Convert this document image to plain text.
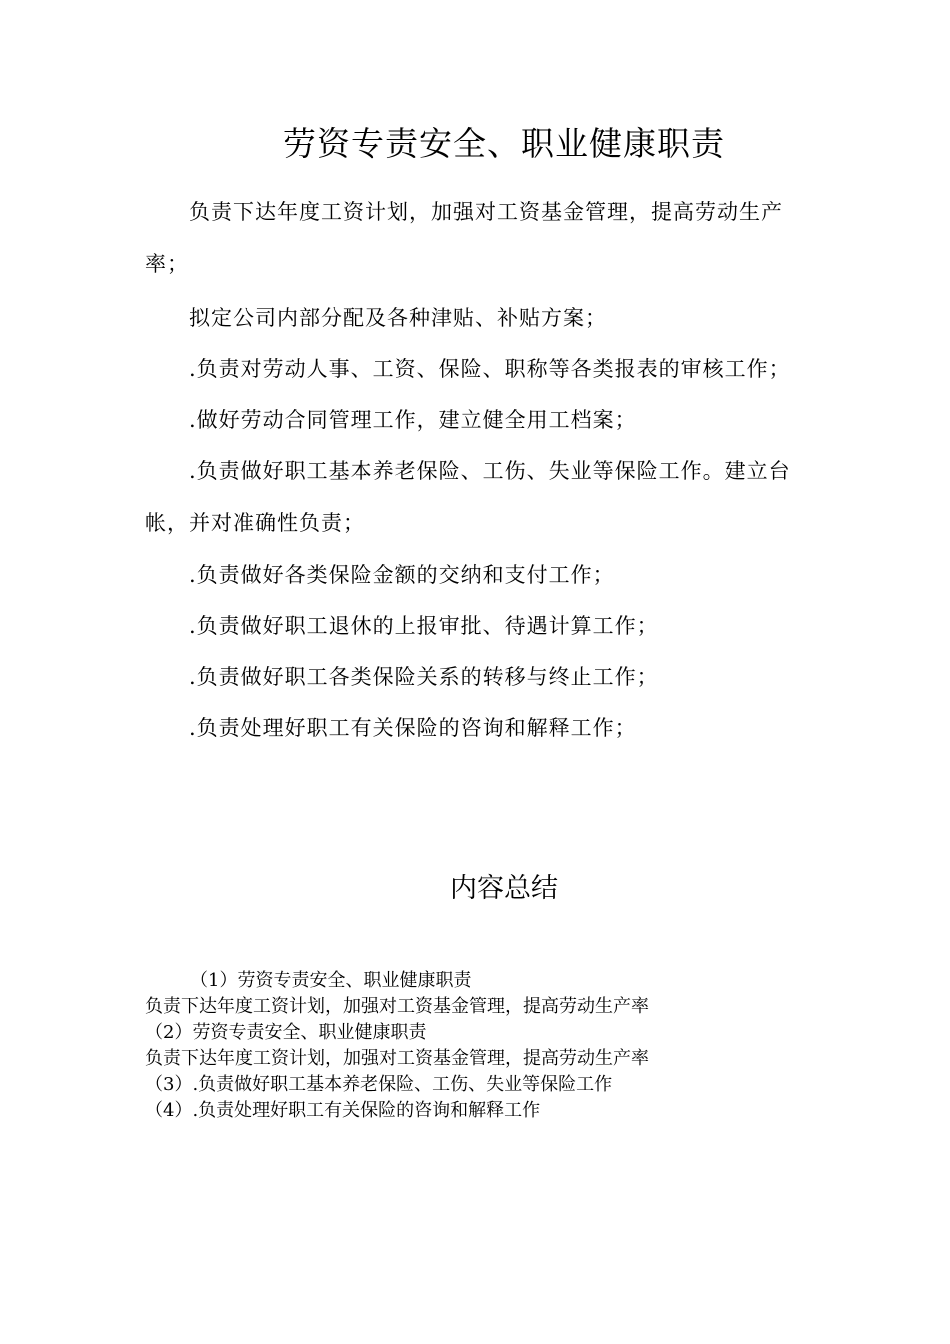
劳资专责安全、职业健康职责

负责下达年度工资计划，加强对工资基金管理，提高劳动生产率；

拟定公司内部分配及各种津贴、补贴方案；

.负责对劳动人事、工资、保险、职称等各类报表的审核工作；

.做好劳动合同管理工作，建立健全用工档案；

.负责做好职工基本养老保险、工伤、失业等保险工作。建立台帐，并对准确性负责；

.负责做好各类保险金额的交纳和支付工作；

.负责做好职工退休的上报审批、待遇计算工作；

.负责做好职工各类保险关系的转移与终止工作；

.负责处理好职工有关保险的咨询和解释工作；

内容总结
（1）劳资专责安全、职业健康职责
负责下达年度工资计划，加强对工资基金管理，提高劳动生产率
（2）劳资专责安全、职业健康职责
负责下达年度工资计划，加强对工资基金管理，提高劳动生产率
（3）.负责做好职工基本养老保险、工伤、失业等保险工作
（4）.负责处理好职工有关保险的咨询和解释工作
